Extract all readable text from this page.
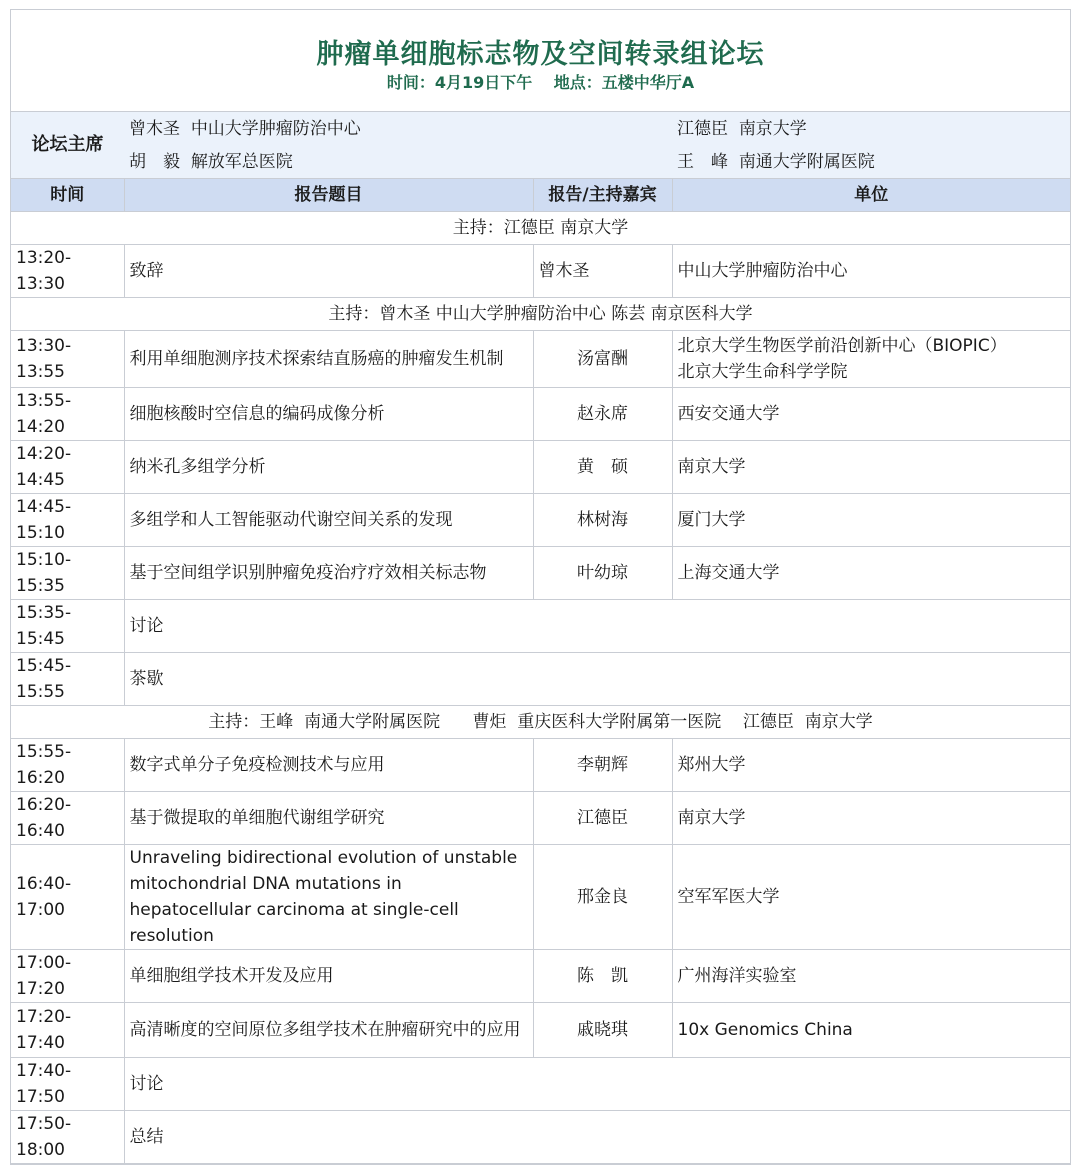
肿瘤单细胞标志物及空间转录组论坛
时间：4月19日下午 地点：五楼中华厅A
论坛主席	曾木圣 中山大学肿瘤防治中心		江德臣 南京大学
	胡　毅 解放军总医院		王　峰 南通大学附属医院
时间	报告题目	报告/主持嘉宾	单位
主持：江德臣 南京大学			
13:20-13:30	致辞	曾木圣	中山大学肿瘤防治中心
主持：曾木圣 中山大学肿瘤防治中心 陈芸 南京医科大学			
13:30-13:55	利用单细胞测序技术探索结直肠癌的肿瘤发生机制	汤富酬	北京大学生物医学前沿创新中心（BIOPIC）
北京大学生命科学学院

13:55-14:20	细胞核酸时空信息的编码成像分析	赵永席	西安交通大学
14:20-14:45	纳米孔多组学分析	黄　硕	南京大学
14:45-15:10	多组学和人工智能驱动代谢空间关系的发现	林树海	厦门大学
15:10-15:35	基于空间组学识别肿瘤免疫治疗疗效相关标志物	叶幼琼	上海交通大学
15:35-15:45	讨论		
15:45-15:55	茶歇		
主持：王峰  南通大学附属医院      曹炬  重庆医科大学附属第一医院    江德臣  南京大学			
15:55-16:20	数字式单分子免疫检测技术与应用	李朝辉	郑州大学
16:20-16:40	基于微提取的单细胞代谢组学研究	江德臣	南京大学
16:40-17:00	Unraveling bidirectional evolution of unstable mitochondrial DNA mutations in hepatocellular carcinoma at single-cell resolution	邢金良	空军军医大学
17:00-17:20	单细胞组学技术开发及应用	陈　凯	广州海洋实验室
17:20-17:40	高清晰度的空间原位多组学技术在肿瘤研究中的应用	戚晓琪	10x Genomics China
17:40-17:50	讨论		
17:50-18:00	总结		
